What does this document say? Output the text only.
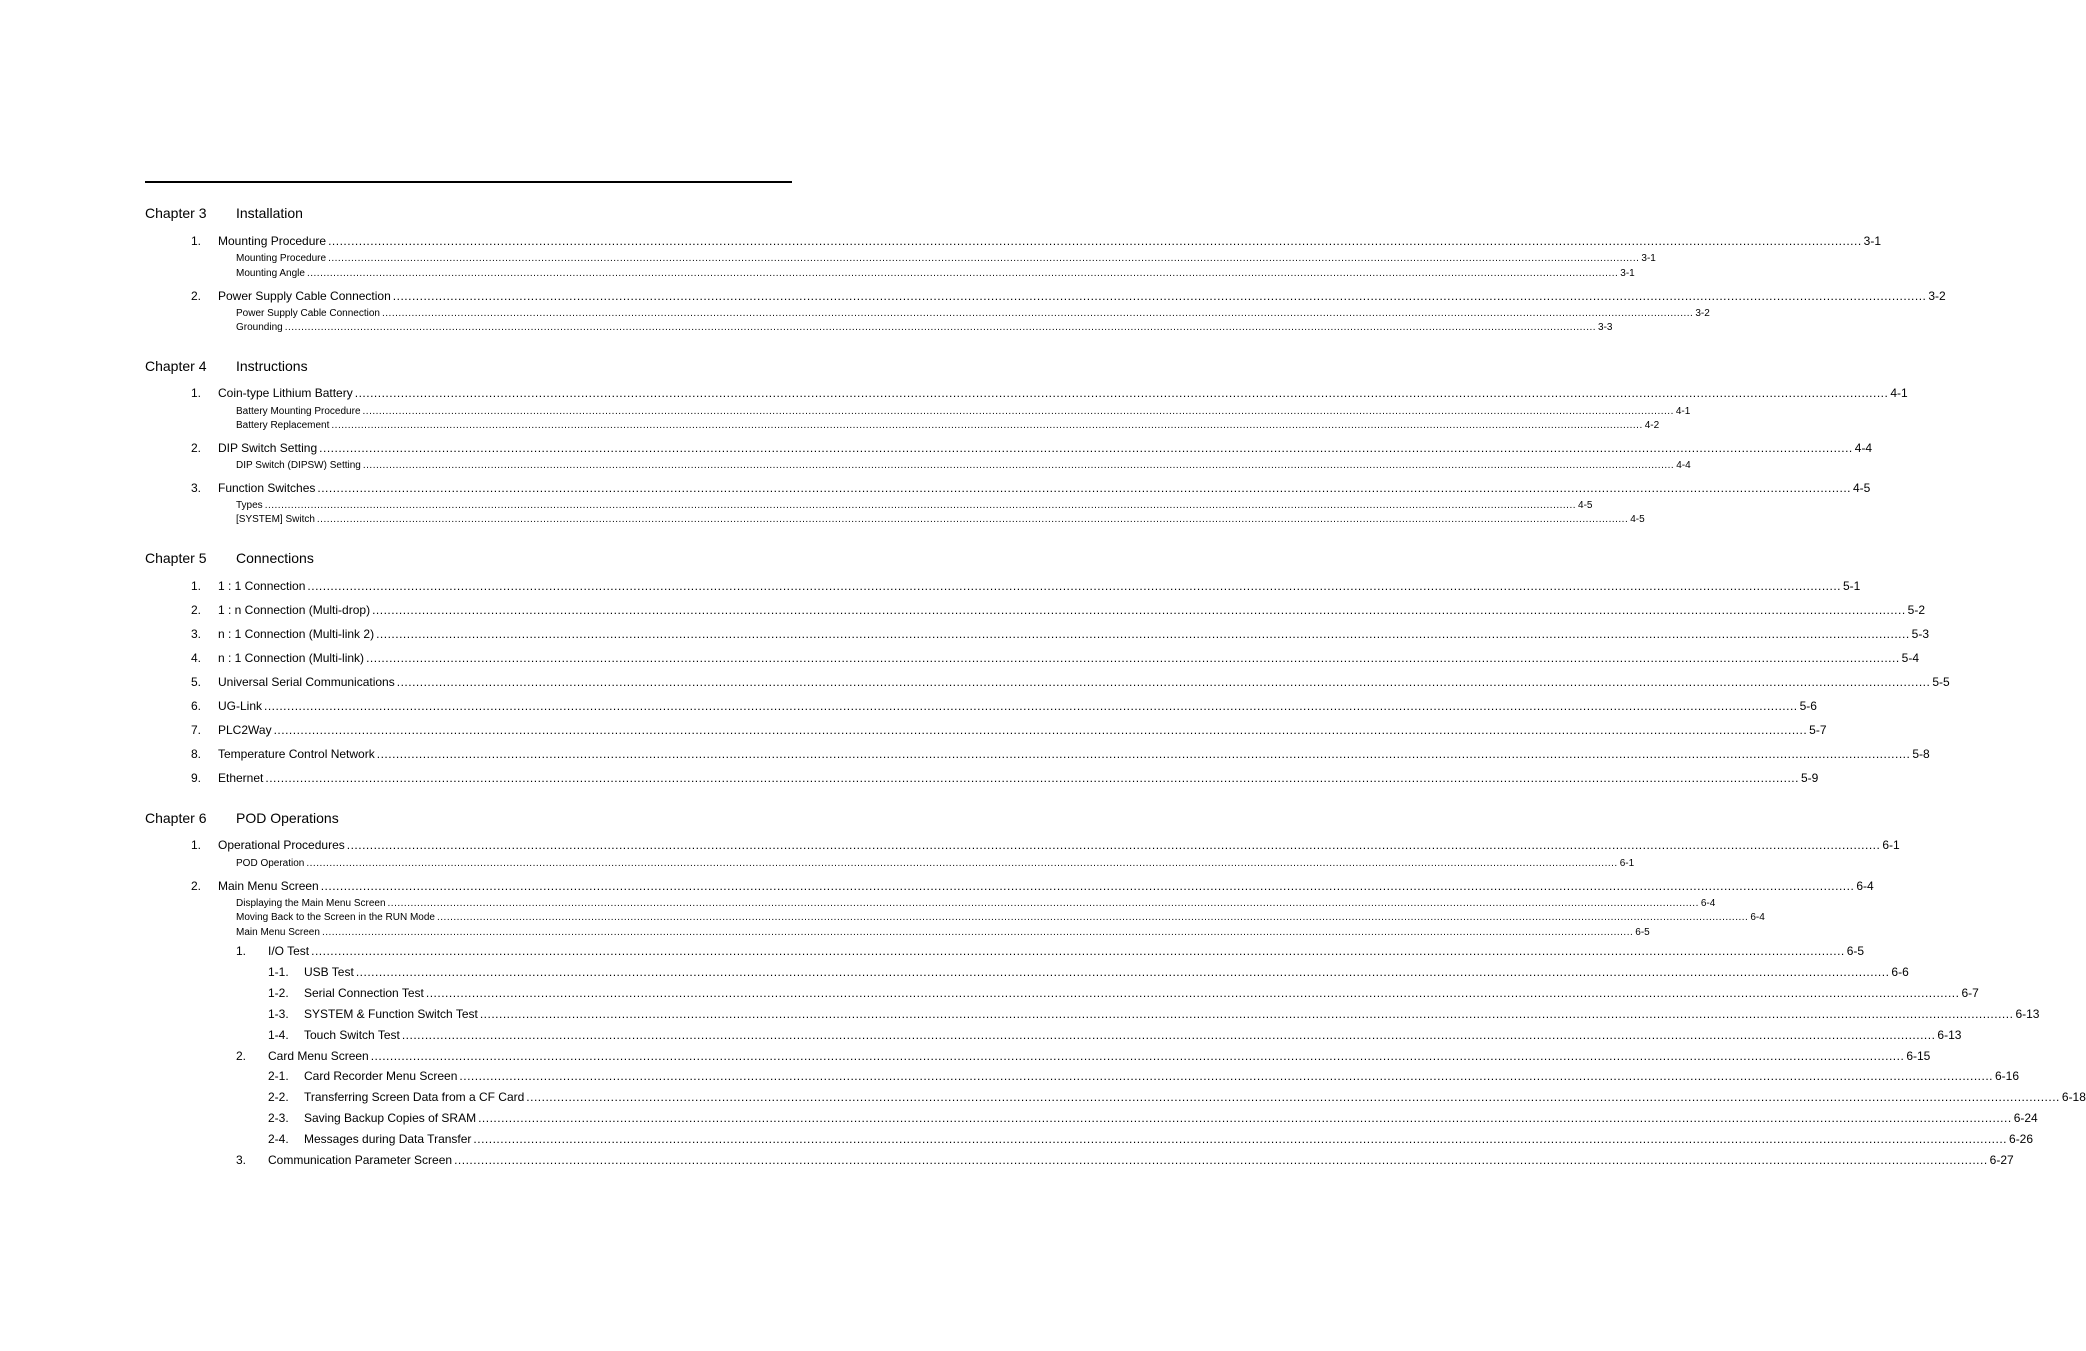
Chapter 3 Installation
1. Mounting Procedure ................................................................................................................................................................................................................................................................................................................................................................................................................ 3-1
Mounting Procedure ................................................................................................................................................................................................................................................................................................................................................................................................................ 3-1
Mounting Angle ................................................................................................................................................................................................................................................................................................................................................................................................................ 3-1
2. Power Supply Cable Connection ................................................................................................................................................................................................................................................................................................................................................................................................................ 3-2
Power Supply Cable Connection ................................................................................................................................................................................................................................................................................................................................................................................................................ 3-2
Grounding ................................................................................................................................................................................................................................................................................................................................................................................................................ 3-3
Chapter 4 Instructions
1. Coin-type Lithium Battery ................................................................................................................................................................................................................................................................................................................................................................................................................ 4-1
Battery Mounting Procedure ................................................................................................................................................................................................................................................................................................................................................................................................................ 4-1
Battery Replacement ................................................................................................................................................................................................................................................................................................................................................................................................................ 4-2
2. DIP Switch Setting ................................................................................................................................................................................................................................................................................................................................................................................................................ 4-4
DIP Switch (DIPSW) Setting ................................................................................................................................................................................................................................................................................................................................................................................................................ 4-4
3. Function Switches ................................................................................................................................................................................................................................................................................................................................................................................................................ 4-5
Types ................................................................................................................................................................................................................................................................................................................................................................................................................ 4-5
[SYSTEM] Switch ................................................................................................................................................................................................................................................................................................................................................................................................................ 4-5
Chapter 5 Connections
1. 1 : 1 Connection ................................................................................................................................................................................................................................................................................................................................................................................................................ 5-1
2. 1 : n Connection (Multi-drop) ................................................................................................................................................................................................................................................................................................................................................................................................................ 5-2
3. n : 1 Connection (Multi-link 2) ................................................................................................................................................................................................................................................................................................................................................................................................................ 5-3
4. n : 1 Connection (Multi-link) ................................................................................................................................................................................................................................................................................................................................................................................................................ 5-4
5. Universal Serial Communications ................................................................................................................................................................................................................................................................................................................................................................................................................ 5-5
6. UG-Link ................................................................................................................................................................................................................................................................................................................................................................................................................ 5-6
7. PLC2Way ................................................................................................................................................................................................................................................................................................................................................................................................................ 5-7
8. Temperature Control Network ................................................................................................................................................................................................................................................................................................................................................................................................................ 5-8
9. Ethernet ................................................................................................................................................................................................................................................................................................................................................................................................................ 5-9
Chapter 6 POD Operations
1. Operational Procedures ................................................................................................................................................................................................................................................................................................................................................................................................................ 6-1
POD Operation ................................................................................................................................................................................................................................................................................................................................................................................................................ 6-1
2. Main Menu Screen ................................................................................................................................................................................................................................................................................................................................................................................................................ 6-4
Displaying the Main Menu Screen ................................................................................................................................................................................................................................................................................................................................................................................................................ 6-4
Moving Back to the Screen in the RUN Mode ................................................................................................................................................................................................................................................................................................................................................................................................................ 6-4
Main Menu Screen ................................................................................................................................................................................................................................................................................................................................................................................................................ 6-5
1. I/O Test ................................................................................................................................................................................................................................................................................................................................................................................................................ 6-5
1-1. USB Test ................................................................................................................................................................................................................................................................................................................................................................................................................ 6-6
1-2. Serial Connection Test ................................................................................................................................................................................................................................................................................................................................................................................................................ 6-7
1-3. SYSTEM & Function Switch Test ................................................................................................................................................................................................................................................................................................................................................................................................................ 6-13
1-4. Touch Switch Test ................................................................................................................................................................................................................................................................................................................................................................................................................ 6-13
2. Card Menu Screen ................................................................................................................................................................................................................................................................................................................................................................................................................ 6-15
2-1. Card Recorder Menu Screen ................................................................................................................................................................................................................................................................................................................................................................................................................ 6-16
2-2. Transferring Screen Data from a CF Card ................................................................................................................................................................................................................................................................................................................................................................................................................ 6-18
2-3. Saving Backup Copies of SRAM ................................................................................................................................................................................................................................................................................................................................................................................................................ 6-24
2-4. Messages during Data Transfer ................................................................................................................................................................................................................................................................................................................................................................................................................ 6-26
3. Communication Parameter Screen ................................................................................................................................................................................................................................................................................................................................................................................................................ 6-27
